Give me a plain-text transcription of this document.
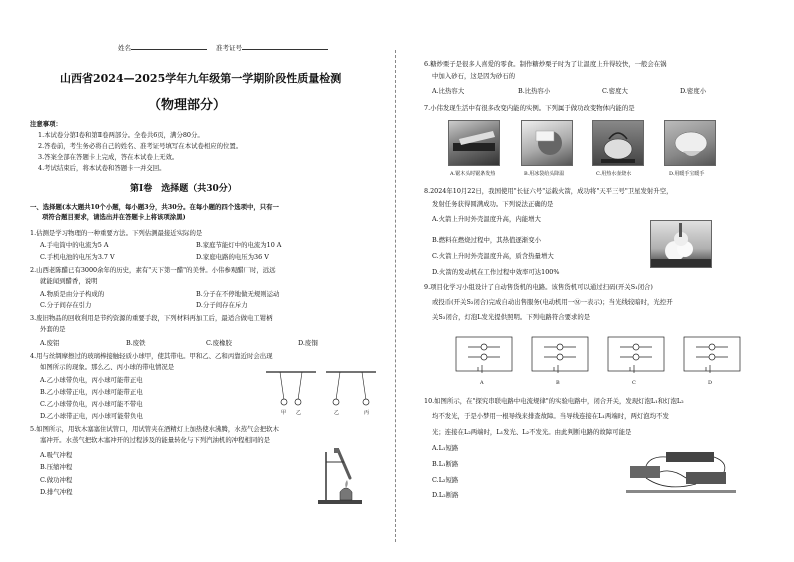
姓名	准考证号
山西省2024—2025学年九年级第一学期阶段性质量检测
（物理部分）
注意事项：
1.本试卷分第Ⅰ卷和第Ⅱ卷两部分。全卷共6页，满分80分。
2.答卷前，考生务必将自己的姓名、准考证号填写在本试卷相应的位置。
3.答案全部在答题卡上完成，答在本试卷上无效。
4.考试结束后，将本试卷和答题卡一并交回。
第Ⅰ卷　选择题（共30分）
一、选择题(本大题共10个小题，每小题3分，共30分。在每小题的四个选项中，只有一
项符合题目要求，请选出并在答题卡上将该项涂黑)
1.估测是学习物理的一种重要方法。下列估测最接近实际的是
A.手电筒中的电流为5 A	B.家庭节能灯中的电流为10 A
C.手机电池的电压为3.7 V	D.家庭电路的电压为36 V
2.山西老陈醋已有3000余年的历史，素有"天下第一醋"的美誉。小伟参观醋厂时，远远
就能闻到醋香，说明
A.物质是由分子构成的	B.分子在不停地做无规则运动
C.分子间存在引力	D.分子间存在斥力
3.废旧物品的回收利用是节约资源的重要手段，下列材料再加工后，最适合做电工钳柄
外套的是
A.废铝	B.废铁	C.废橡胶	D.废铜
4.用与丝绸摩擦过的玻璃棒接触轻质小球甲，使其带电。甲和乙、乙和丙靠近时会出现
如图所示的现象。那么乙、丙小球的带电情况是
A.乙小球带负电，丙小球可能带正电
B.乙小球带正电，丙小球可能带正电
C.乙小球带负电，丙小球可能不带电
D.乙小球带正电，丙小球可能带负电	甲 乙	乙	丙
5.如图所示，用软木塞塞住试管口，用试管夹在酒精灯上加热使水沸腾，水蒸气会把软木
塞冲开。水蒸气把软木塞冲开的过程涉及的能量转化与下列汽油机的冲程相同的是
A.吸气冲程
B.压缩冲程
C.做功冲程
D.排气冲程
6.糖炒栗子是很多人喜爱的零食。制作糖炒栗子时为了让温度上升得较快，一般会在锅
中加入砂石，这是因为砂石的
A.比热容大	B.比热容小	C.密度大	D.密度小
7.小伟发现生活中有很多改变内能的实例。下列属于做功改变物体内能的是
A.锯木头时锯条发热	B.用冰袋给头降温	C.用热水壶烧水	D.用暖手宝暖手
8.2024年10月22日，我国使用"长征六号"运载火箭，成功将"天平三号"卫星发射升空，
发射任务获得圆满成功。下列说法正确的是
A.火箭上升时外壳温度升高，内能增大
B.燃料在燃烧过程中，其热值逐渐变小
C.火箭上升时外壳温度升高，质含热量增大
D.火箭的发动机在工作过程中效率可达100%
9.项目化学习小组设计了自动售货机的电路。该售货机可以通过扫码(开关S₁闭合)
或投币(开关S₂闭合)完成自动出售服务(电动机用一Ⓜ一表示)；当光线较暗时，光控开
关S₃闭合，灯泡L发光提供照明。下列电路符合要求的是
A	B	C	D
10.如图所示，在"探究串联电路中电流规律"的实验电路中，闭合开关，发现灯泡L₁和灯泡L₂
均不发光，于是小梦用一根导线来排查故障。当导线连接在L₁两端时，两灯泡均不发
光；连接在L₂两端时，L₁发光、L₂不发光。由此判断电路的故障可能是
A.L₁短路
B.L₁断路
C.L₂短路
D.L₂断路
